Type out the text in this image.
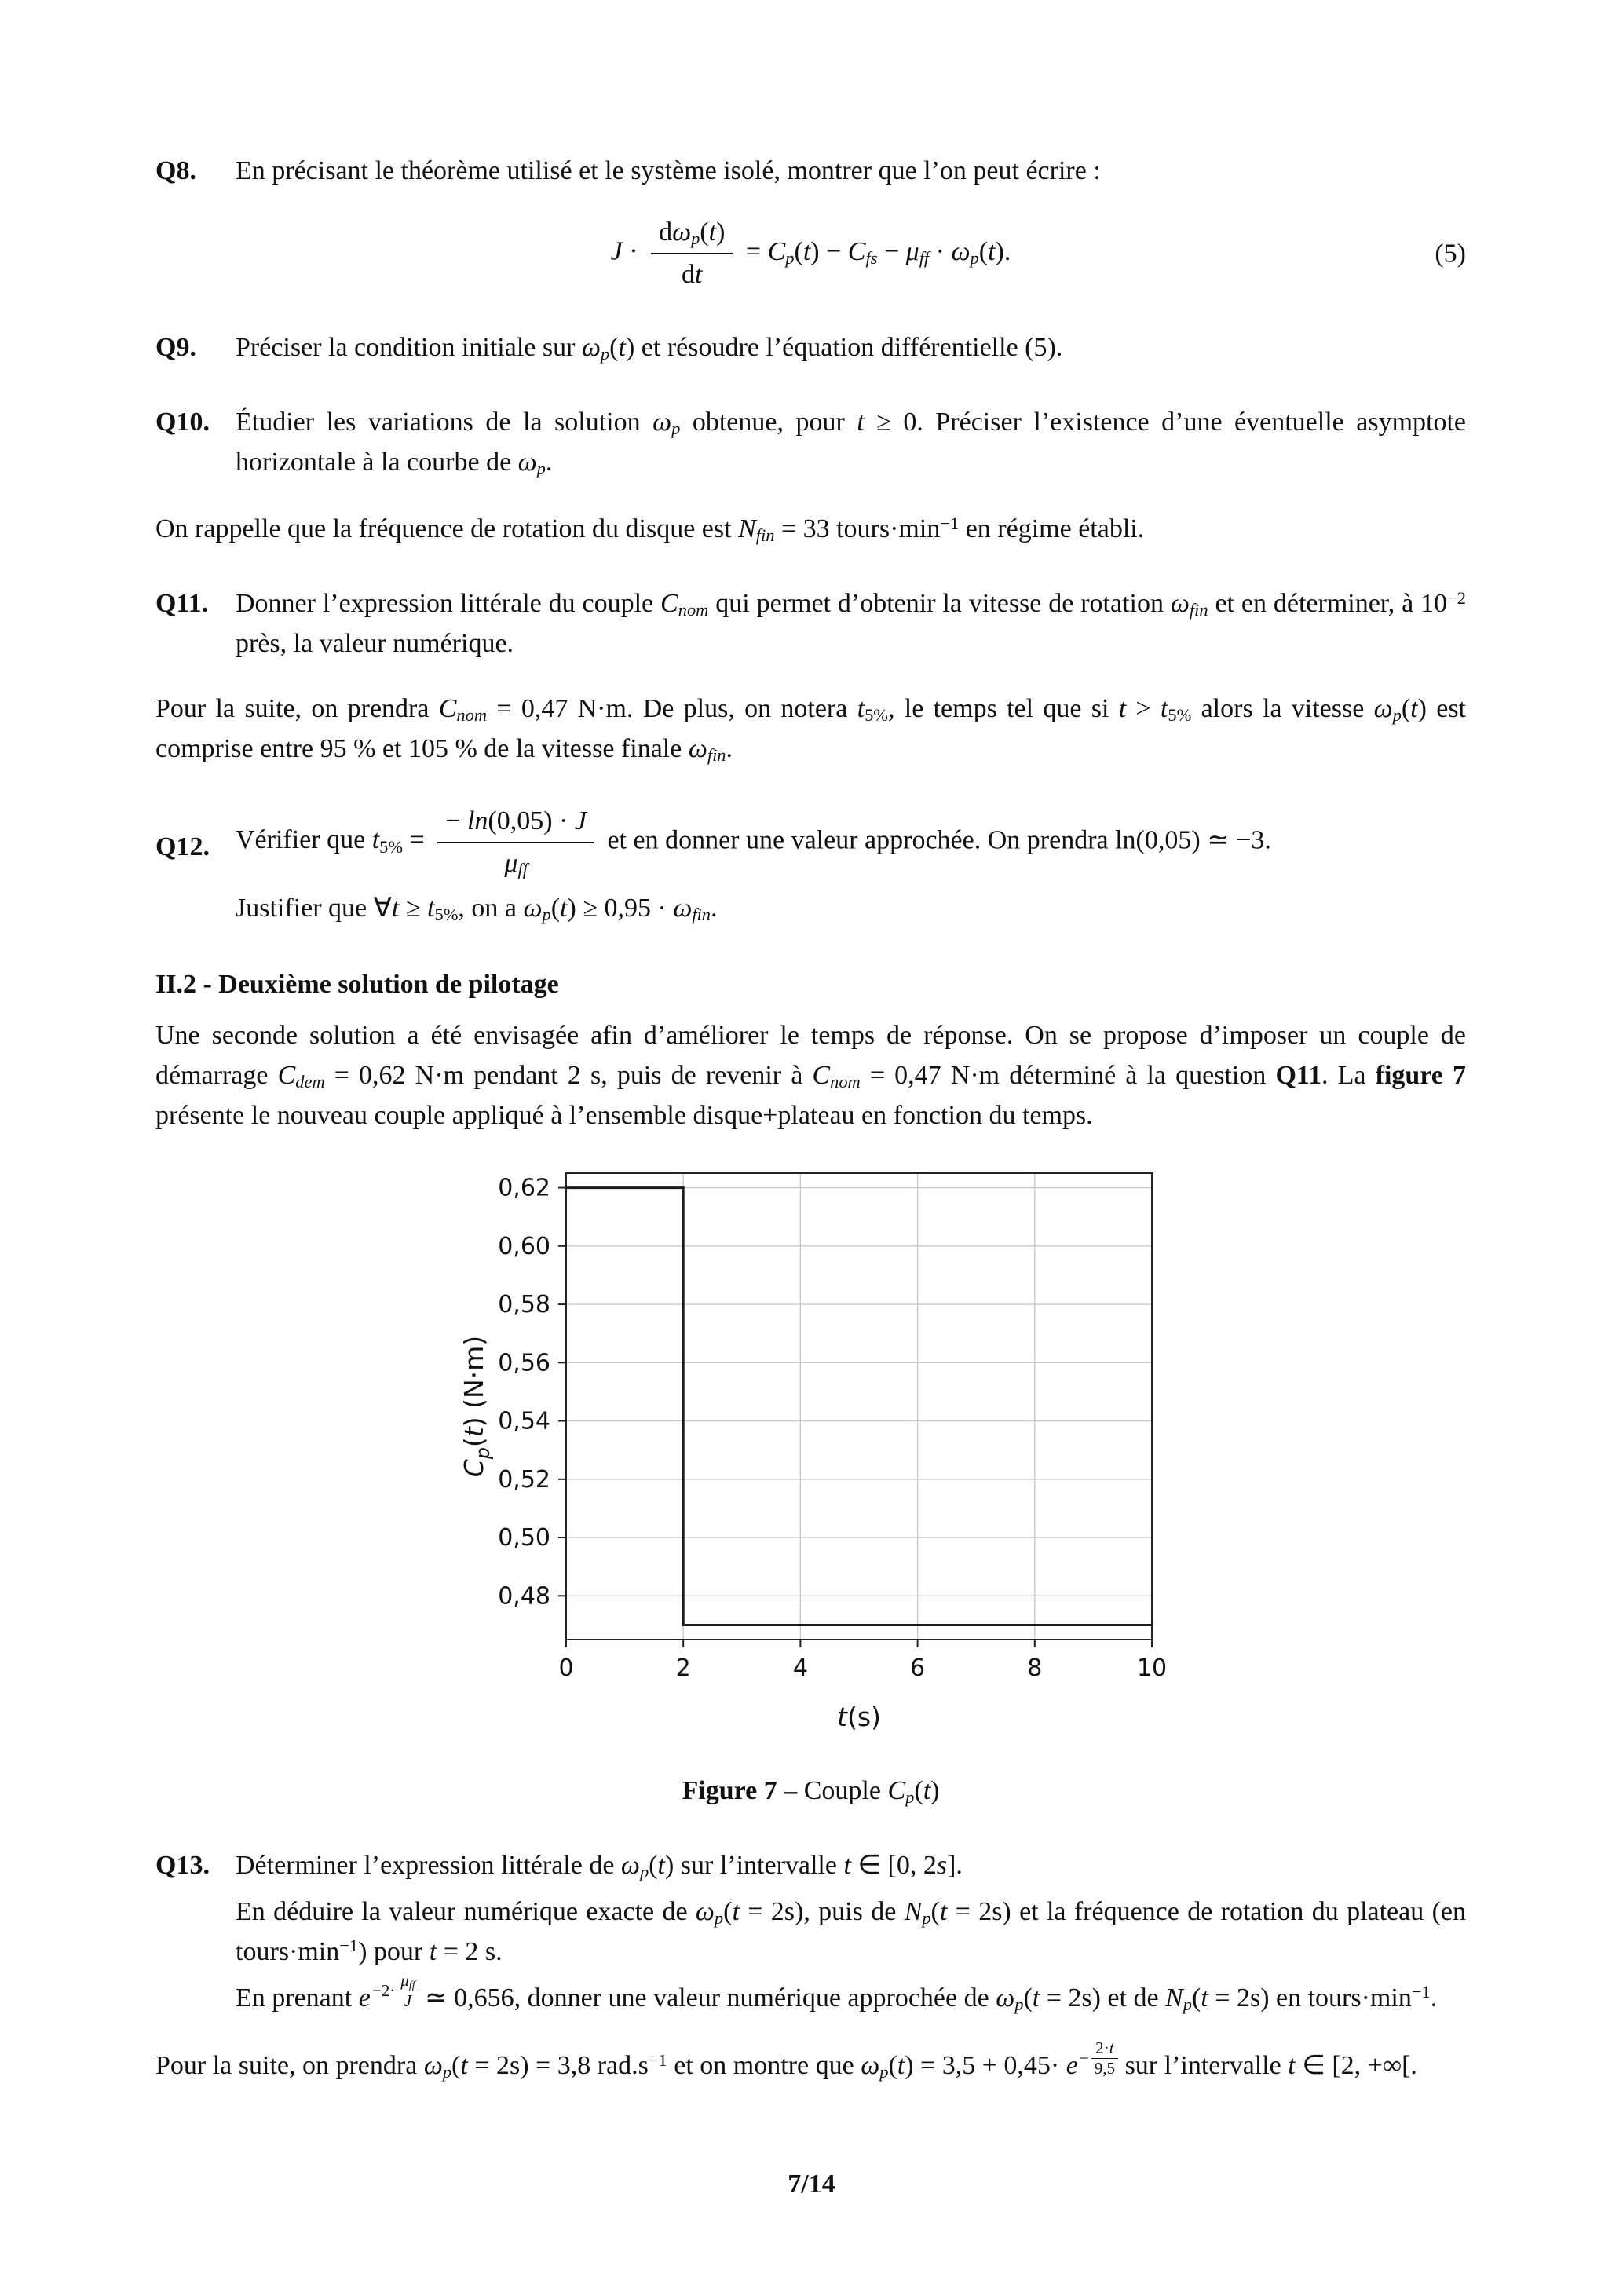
Q8.	En précisant le théorème utilisé et le système isolé, montrer que l’on peut écrire :
$J \cdot \frac{d\omega_p(t)}{dt} = C_p(t) - C_{fs} - \mu_{ff} \cdot \omega_p(t)$.	(5)
Q9.	Préciser la condition initiale sur $\omega_p(t)$ et résoudre l’équation différentielle (5).
Q10. Étudier les variations de la solution $\omega_p$ obtenue, pour t ≥ 0. Préciser l’existence d’une éventuelle asymptote horizontale à la courbe de $\omega_p$.

On rappelle que la fréquence de rotation du disque est $N_{fin} = 33$ $tours\cdot\min^{-1}$ en régime établi.

Q11.	Donner l’expression littérale du couple $C_{nom}$ qui permet d’obtenir la vitesse de rotation $\omega_{fin}$ et en déterminer, à $10^{-2}$ près, la valeur numérique.

Pour la suite, on prendra $C_{nom} = 0,47$ N·m. De plus, on notera $t_{5\%}$, le temps tel que si $t > t_{5\%}$ alors la vitesse $\omega_p(t)$ est comprise entre 95 % et 105 % de la vitesse finale $\omega_{fin}$.

Q12. Vérifier que $t_{5\%} = \frac{- \ln(0,05) \cdot J}{\mu_{ff}}$ et en donner une valeur approchée. On prendra ln(0,05) ≃ −3.
Justifier que ∀t ≥ $t_{5\%}$, on a $\omega_p(t) \ge 0,95 \cdot \omega_{fin}$.
II.2 - Deuxième solution de pilotage

Une seconde solution a été envisagée afin d’améliorer le temps de réponse. On se propose d’imposer un couple de démarrage $C_{dem} = 0,62$ N·m pendant 2 s, puis de revenir à $C_{nom} = 0,47$ N·m déterminé à la question Q11. La figure 7 présente le nouveau couple appliqué à l’ensemble disque+plateau en fonction du temps.

0	2	4	6	8	10
0,48
0,50
0,52
0,54
0,56
0,58
0,60
0,62
t(s)
$C_p(t)$ (N·m)
Figure 7 – Couple $C_p(t)$
Q13. Déterminer l’expression littérale de $\omega_p(t)$ sur l’intervalle t ∈ [0, 2s].
En déduire la valeur numérique exacte de $\omega_p(t = 2s)$, puis de $N_p(t = 2s)$ et la fréquence de rotation du plateau (en $tours\cdot\min^{-1}$) pour t = 2 s.
En prenant e $^{-2\cdot \frac{\mu_{ff}}{J}}$ ≃ 0,656, donner une valeur numérique approchée de $\omega_p(t = 2s)$ et de $N_p(t = 2s)$ en $tours\cdot\min^{-1}$.

Pour la suite, on prendra $\omega_p(t = 2s) = 3,8$ $rad.s^{-1}$ et on montre que $\omega_p(t) = 3,5 + 0,45\cdot e$ $^{- \frac{2\cdot t}{9,5}}$ sur l’intervalle t ∈ [2, +∞[.

7/14
